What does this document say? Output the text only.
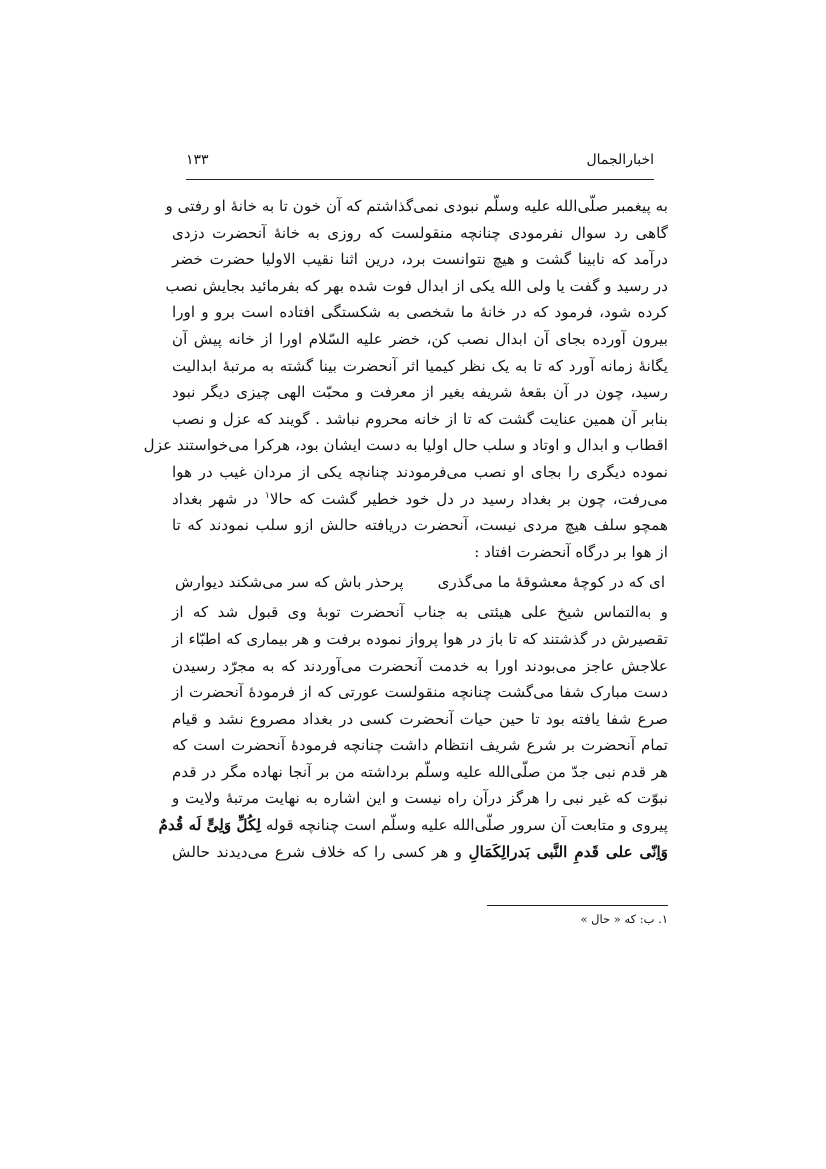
اخبارالجمال
۱۳۳
به پیغمبر صلّی‌الله علیه وسلّم نبودی نمی‌گذاشتم که آن خون تا به خانهٔ او رفتی و
گاهی رد سوال نفرمودی چنانچه منقولست که روزی به خانهٔ آنحضرت دزدی
درآمد که نابینا گشت و هیچ نتوانست برد، درین اثنا نقیب الاولیا حضرت خضر
در رسید و گفت یا ولی الله یکی از ابدال فوت شده بهر که بفرمائید بجایش نصب
کرده شود، فرمود که در خانهٔ ما شخصی به شکستگی افتاده است برو و اورا
بیرون آورده بجای آن ابدال نصب کن، خضر علیه السّلام اورا از خانه پیش آن
یگانهٔ زمانه آورد که تا به یک نظر کیمیا اثر آنحضرت بینا گشته به مرتبهٔ ابدالیت
رسید، چون در آن بقعهٔ شریفه بغیر از معرفت و محبّت الهی چیزی دیگر نبود
بنابر آن همین عنایت گشت که تا از خانه محروم نباشد . گویند که عزل و نصب
اقطاب و ابدال و اوتاد و سلب حال اولیا به دست ایشان بود، هرکرا می‌خواستند عزل
نموده دیگری را بجای او نصب می‌فرمودند چنانچه یکی از مردان غیب در هوا
می‌رفت، چون بر بغداد رسید در دل خود خطیر گشت که حالا$^۱$ در شهر بغداد
همچو سلف هیچ مردی نیست، آنحضرت دریافته حالش ازو سلب نمودند که تا
از هوا بر درگاه آنحضرت افتاد :
ای که در کوچهٔ معشوقهٔ ما می‌گذری
پرحذر باش که سر می‌شکند دیوارش
و به‌التماس شیخ علی هیئتی به جناب آنحضرت توبهٔ وی قبول شد که از
تقصیرش در گذشتند که تا باز در هوا پرواز نموده برفت و هر بیماری که اطبّاء از
علاجش عاجز می‌بودند اورا به خدمت آنحضرت می‌آوردند که به مجرّد رسیدن
دست مبارک شفا می‌گشت چنانچه منقولست عورتی که از فرمودهٔ آنحضرت از
صرع شفا یافته بود تا حین حیات آنحضرت کسی در بغداد مصروع نشد و قیام
تمام آنحضرت بر شرع شریف انتظام داشت چنانچه فرمودهٔ آنحضرت است که
هر قدم نبی جدّ من صلّی‌الله علیه وسلّم برداشته من بر آنجا نهاده مگر در قدم
نبوّت که غیر نبی را هرگز درآن راه نیست و این اشاره به نهایت مرتبهٔ ولایت و
پیروی و متابعت آن سرور صلّی‌الله علیه وسلّم است چنانچه قوله لِکُلِّ وَلِیٍّ لَه قُدمٌ
وَاِنّی علی قَدمِ النَّبی بَدرالِکَمَالِ و هر کسی را که خلاف شرع می‌دیدند حالش
۱. ب: که « حال »
